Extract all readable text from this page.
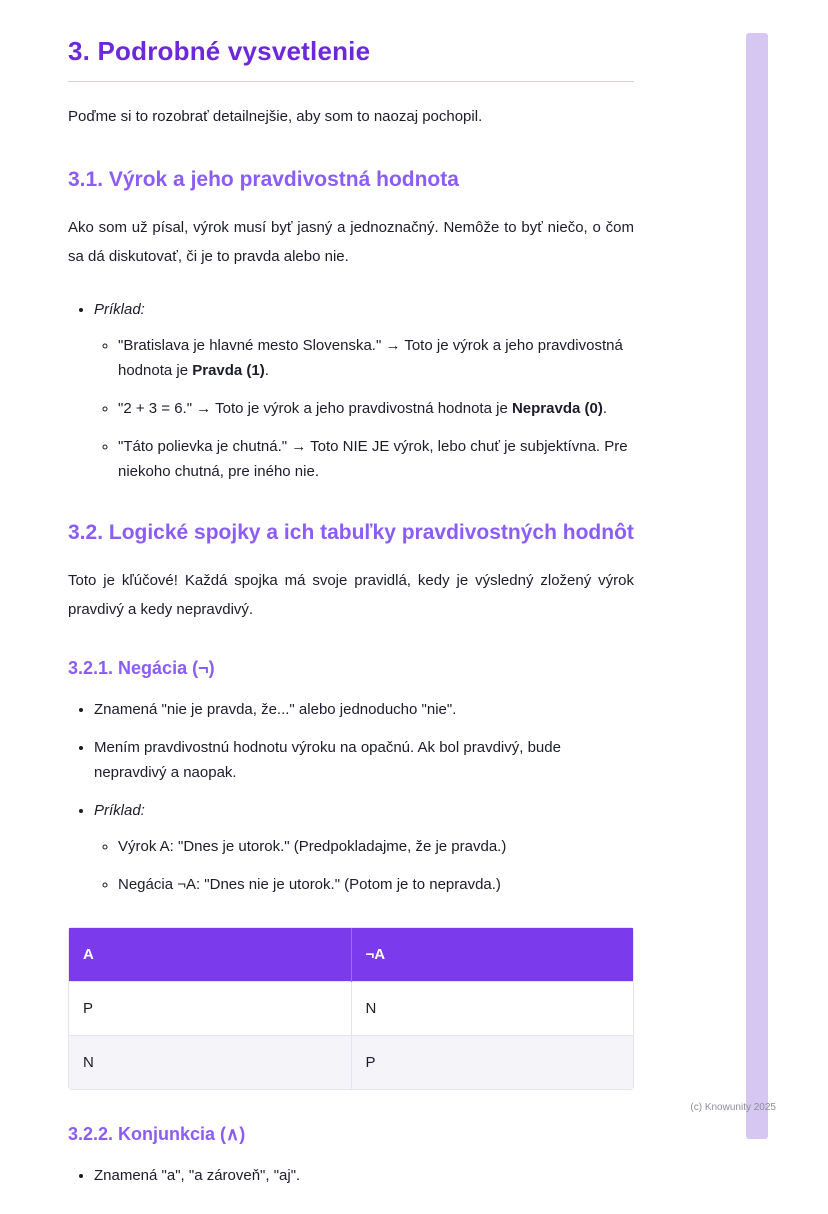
3. Podrobné vysvetlenie

Poďme si to rozobrať detailnejšie, aby som to naozaj pochopil.

3.1. Výrok a jeho pravdivostná hodnota

Ako som už písal, výrok musí byť jasný a jednoznačný. Nemôže to byť niečo, o čom sa dá diskutovať, či je to pravda alebo nie.

• Príklad:
◦ "Bratislava je hlavné mesto Slovenska." → Toto je výrok a jeho pravdivostná hodnota je Pravda (1).
◦ "2 + 3 = 6." → Toto je výrok a jeho pravdivostná hodnota je Nepravda (0).
◦ "Táto polievka je chutná." → Toto NIE JE výrok, lebo chuť je subjektívna. Pre niekoho chutná, pre iného nie.
3.2. Logické spojky a ich tabuľky pravdivostných hodnôt

Toto je kľúčové! Každá spojka má svoje pravidlá, kedy je výsledný zložený výrok pravdivý a kedy nepravdivý.

3.2.1. Negácia (¬)
• Znamená "nie je pravda, že..." alebo jednoducho "nie".
• Mením pravdivostnú hodnotu výroku na opačnú. Ak bol pravdivý, bude nepravdivý a naopak.
• Príklad:
◦ Výrok A: "Dnes je utorok." (Predpokladajme, že je pravda.)
◦ Negácia ¬A: "Dnes nie je utorok." (Potom je to nepravda.)
A	¬A
P	N
N	P
3.2.2. Konjunkcia (∧)
• Znamená "a", "a zároveň", "aj".
(c) Knowunity 2025
